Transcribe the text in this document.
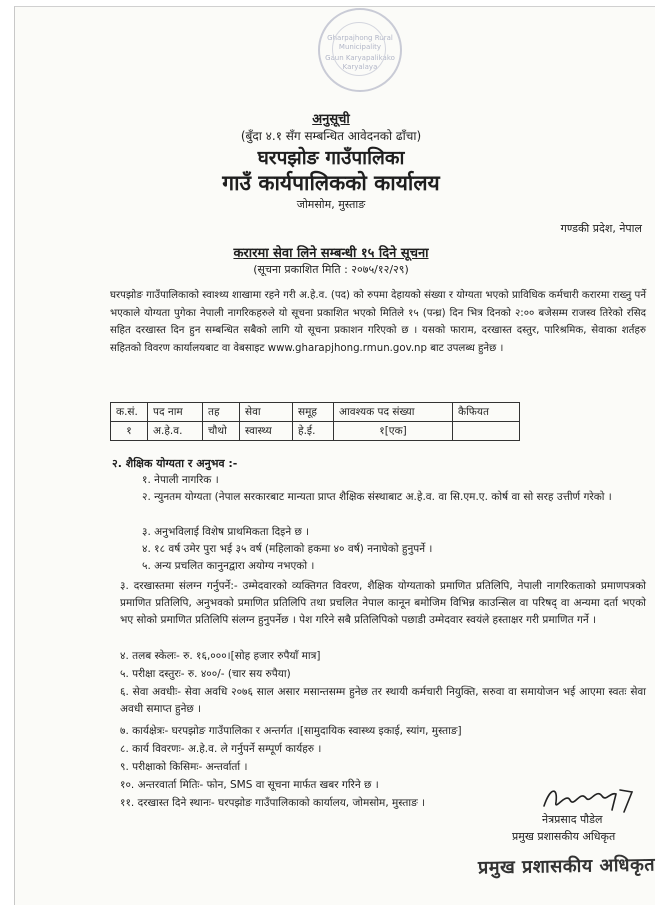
Gharpajhong Rural Municipality
Gaun Karyapalikako Karyalaya
अनुसूची
(बुँदा ४.१ सँग सम्बन्धित आवेदनको ढाँचा)
घरपझोङ गाउँपालिका
गाउँ कार्यपालिकको कार्यालय
जोमसोम, मुस्ताङ
गण्डकी प्रदेश, नेपाल
करारमा सेवा लिने सम्बन्धी १५ दिने सूचना
(सूचना प्रकाशित मिति : २०७५/१२/२९)
घरपझोङ गाउँपालिकाको स्वाश्थ्य शाखामा रहने गरी अ.हे.व. (पद) को रुपमा देहायको संख्या र योग्यता भएको प्राविधिक कर्मचारी करारमा राख्नु पर्ने भएकाले योग्यता पुगेका नेपाली नागरिकहरुले यो सूचना प्रकाशित भएको मितिले १५ (पन्ध्र) दिन भित्र दिनको २:०० बजेसम्म राजस्व तिरेको रसिद सहित दरखास्त दिन हुन सम्बन्धित सबैको लागि यो सूचना प्रकाशन गरिएको छ । यसको फाराम, दरखास्त दस्तुर, पारिश्रमिक, सेवाका शर्तहरु सहितको विवरण कार्यालयबाट वा वेबसाइट www.gharapjhong.rmun.gov.np बाट उपलब्ध हुनेछ ।
क.सं.	पद नाम	तह	सेवा	समूह	आवश्यक पद संख्या	कैफियत
१	अ.हे.व.	चौथो	स्वास्थ्य	हे.ई.	१[एक]	
२. शैक्षिक योग्यता र अनुभव :-
१. नेपाली नागरिक ।
२. न्युनतम योग्यता (नेपाल सरकारबाट मान्यता प्राप्त शैक्षिक संस्थाबाट अ.हे.व. वा सि.एम.ए. कोर्ष वा सो सरह उत्तीर्ण गरेको ।
३. अनुभविलाई विशेष प्राथमिकता दिइने छ ।
४. १८ वर्ष उमेर पुरा भई ३५ वर्ष (महिलाको हकमा ४० वर्ष) ननाघेको हुनुपर्ने ।
५. अन्य प्रचलित कानुनद्वारा अयोग्य नभएको ।
३. दरखास्तमा संलग्न गर्नुपर्ने:- उम्मेदवारको व्यक्तिगत विवरण, शैक्षिक योग्यताको प्रमाणित प्रतिलिपि, नेपाली नागरिकताको प्रमाणपत्रको प्रमाणित प्रतिलिपि, अनुभवको प्रमाणित प्रतिलिपि तथा प्रचलित नेपाल कानून बमोजिम विभिन्न काउन्सिल वा परिषद् वा अन्यमा दर्ता भएको भए सोको प्रमाणित प्रतिलिपि संलग्न हुनुपर्नेछ । पेश गरिने सबै प्रतिलिपिको पछाडी उम्मेदवार स्वयंले हस्ताक्षर गरी प्रमाणित गर्ने ।
४. तलब स्केलः- रु. १६,०००।[सोह हजार रुपैयाँ मात्र]
५. परीक्षा दस्तुरः- रु. ४००/- (चार सय रुपैया)
६. सेवा अवधीः- सेवा अवधि २०७६ साल असार मसान्तसम्म हुनेछ तर स्थायी कर्मचारी नियुक्ति, सरुवा वा समायोजन भई आएमा स्वतः सेवा अवधी समाप्त हुनेछ ।
७. कार्यक्षेत्रः- घरपझोङ गाउँपालिका र अन्तर्गत ।[सामुदायिक स्वास्थ्य इकाई, स्यांग, मुस्ताङ]
८. कार्य विवरणः- अ.हे.व. ले गर्नुपर्ने सम्पूर्ण कार्यहरु ।
९. परीक्षाको किसिमः- अन्तर्वार्ता ।
१०. अन्तरवार्ता मितिः- फोन, SMS वा सूचना मार्फत खबर गरिने छ ।
११. दरखास्त दिने स्थानः- घरपझोङ गाउँपालिकाको कार्यालय, जोमसोम, मुस्ताङ ।
नेत्रप्रसाद पौडेल
प्रमुख प्रशासकीय अधिकृत
प्रमुख प्रशासकीय अधिकृत
